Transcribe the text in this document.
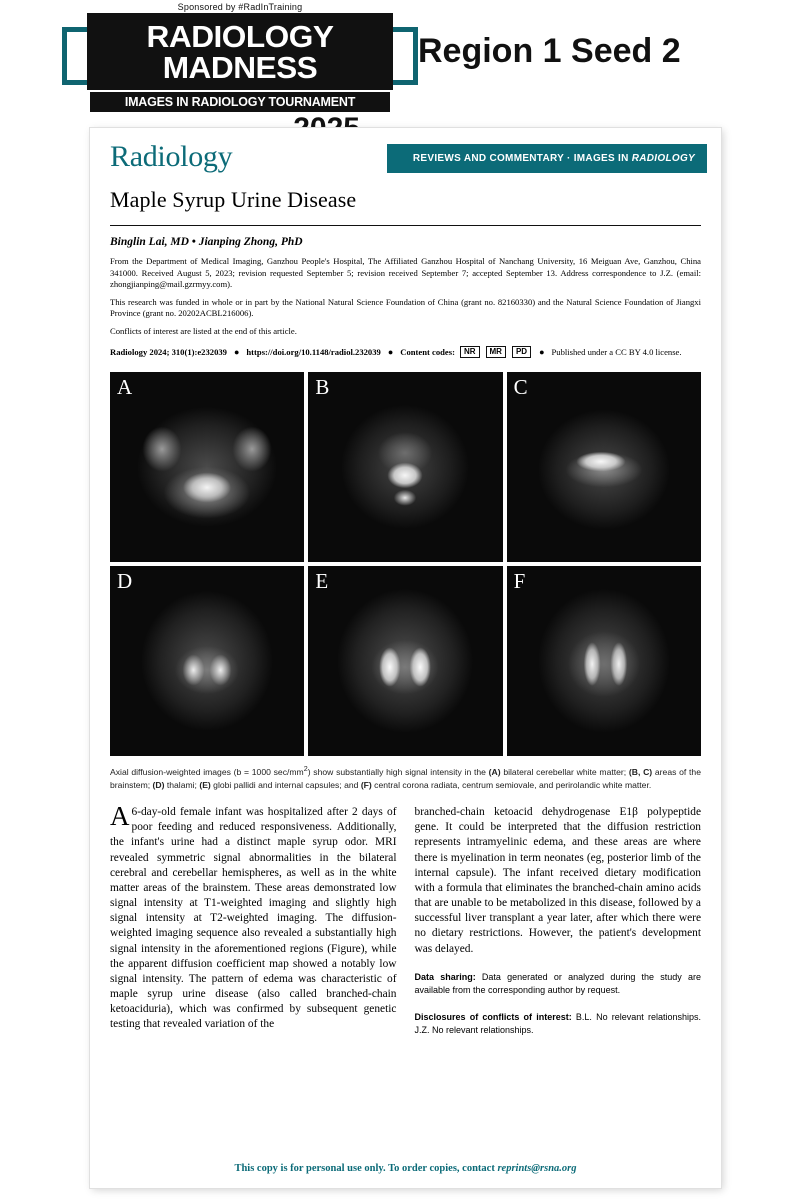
Sponsored by #RadInTraining
RADIOLOGY MADNESS
IMAGES IN RADIOLOGY TOURNAMENT
Region 1 Seed 2
Radiology	REVIEWS AND COMMENTARY · IMAGES IN RADIOLOGY
Maple Syrup Urine Disease
Binglin Lai, MD • Jianping Zhong, PhD

From the Department of Medical Imaging, Ganzhou People's Hospital, The Affiliated Ganzhou Hospital of Nanchang University, 16 Meiguan Ave, Ganzhou, China 341000. Received August 5, 2023; revision requested September 5; revision received September 7; accepted September 13. Address correspondence to J.Z. (email: zhongjianping@mail.gzrmyy.com).

This research was funded in whole or in part by the National Natural Science Foundation of China (grant no. 82160330) and the Natural Science Foundation of Jiangxi Province (grant no. 20202ACBL216006).

Conflicts of interest are listed at the end of this article.

Radiology 2024; 310(1):e232039 ● https://doi.org/10.1148/radiol.232039 ● Content codes:	NR	MR	PD	● Published under a CC BY 4.0 license.
A	B	C
D	E	F
Axial diffusion-weighted images (b = 1000 $\sec/mm^2$) show substantially high signal intensity in the (A) bilateral cerebellar white matter; (B, C) areas of the brainstem; (D) thalami; (E) globi pallidi and internal capsules; and (F) central corona radiata, centrum semiovale, and perirolandic white matter.

A 6-day-old female infant was hospitalized after 2 days of poor feeding and reduced responsiveness. Additionally, the infant's urine had a distinct maple syrup odor. MRI revealed symmetric signal abnormalities in the bilateral cerebral and cerebellar hemispheres, as well as in the white matter areas of the brainstem. These areas demonstrated low signal intensity at T1-weighted imaging and slightly high signal intensity at T2-weighted imaging. The diffusion-weighted imaging sequence also revealed a substantially high signal intensity in the aforementioned regions (Figure), while the apparent diffusion coefficient map showed a notably low signal intensity. The pattern of edema was characteristic of maple syrup urine disease (also called branched-chain ketoaciduria), which was confirmed by subsequent genetic testing that revealed variation of the

branched-chain ketoacid dehydrogenase E1β polypeptide gene. It could be interpreted that the diffusion restriction represents intramyelinic edema, and these areas are where there is myelination in term neonates (eg, posterior limb of the internal capsule). The infant received dietary modification with a formula that eliminates the branched-chain amino acids that are unable to be metabolized in this disease, followed by a successful liver transplant a year later, after which there were no dietary restrictions. However, the patient's development was delayed.

Data sharing: Data generated or analyzed during the study are available from the corresponding author by request.
Disclosures of conflicts of interest: B.L. No relevant relationships. J.Z. No relevant relationships.
This copy is for personal use only. To order copies, contact reprints@rsna.org
